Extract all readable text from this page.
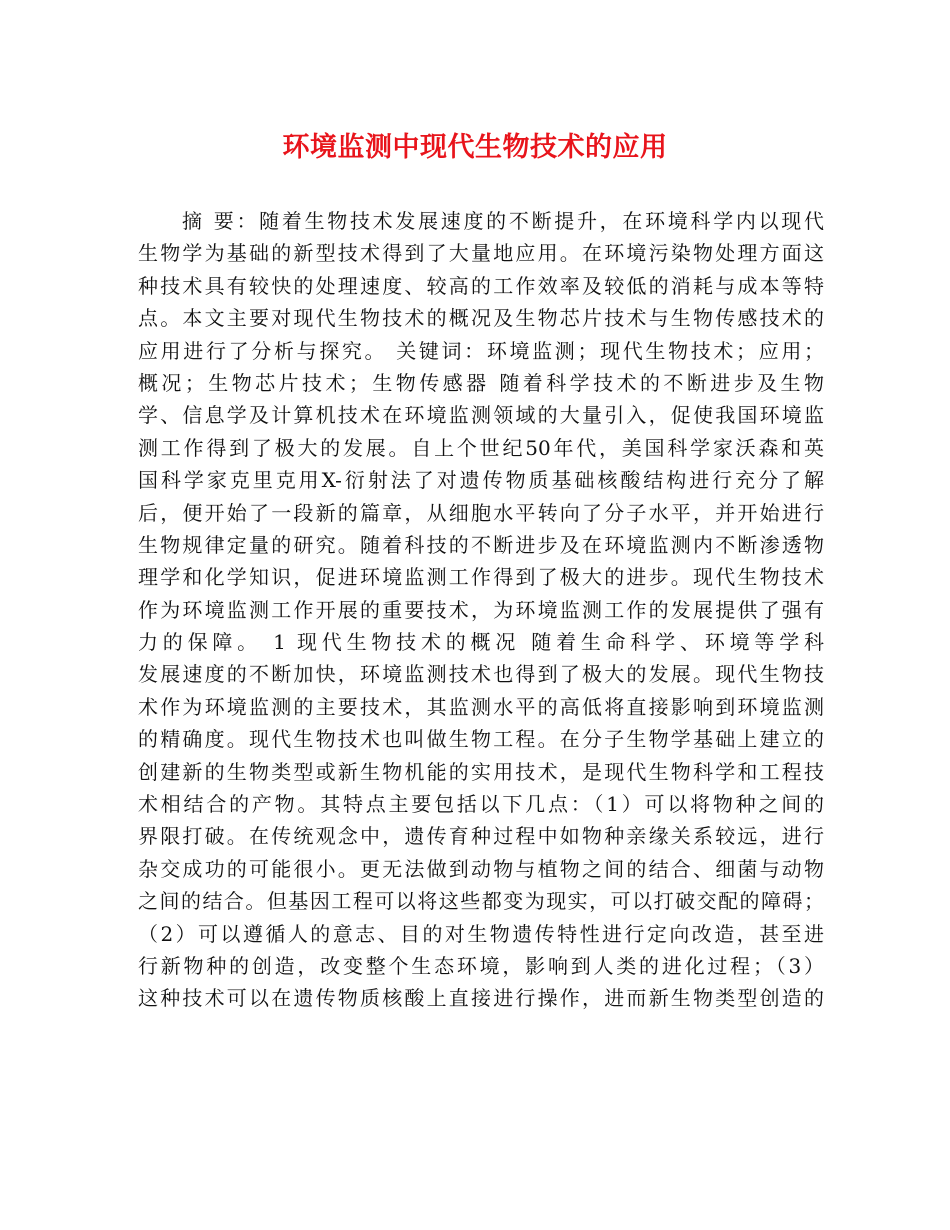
环境监测中现代生物技术的应用
摘 要：随着生物技术发展速度的不断提升，在环境科学内以现代
生物学为基础的新型技术得到了大量地应用。在环境污染物处理方面这
种技术具有较快的处理速度、较高的工作效率及较低的消耗与成本等特
点。本文主要对现代生物技术的概况及生物芯片技术与生物传感技术的
应用进行了分析与探究。 关键词：环境监测；现代生物技术；应用；
概况；生物芯片技术；生物传感器 随着科学技术的不断进步及生物
学、信息学及计算机技术在环境监测领域的大量引入，促使我国环境监
测工作得到了极大的发展。自上个世纪50年代，美国科学家沃森和英
国科学家克里克用X-衍射法了对遗传物质基础核酸结构进行充分了解
后，便开始了一段新的篇章，从细胞水平转向了分子水平，并开始进行
生物规律定量的研究。随着科技的不断进步及在环境监测内不断渗透物
理学和化学知识，促进环境监测工作得到了极大的进步。现代生物技术
作为环境监测工作开展的重要技术，为环境监测工作的发展提供了强有
力的保障。 1 现代生物技术的概况 随着生命科学、环境等学科
发展速度的不断加快，环境监测技术也得到了极大的发展。现代生物技
术作为环境监测的主要技术，其监测水平的高低将直接影响到环境监测
的精确度。现代生物技术也叫做生物工程。在分子生物学基础上建立的
创建新的生物类型或新生物机能的实用技术，是现代生物科学和工程技
术相结合的产物。其特点主要包括以下几点：（1）可以将物种之间的
界限打破。在传统观念中，遗传育种过程中如物种亲缘关系较远，进行
杂交成功的可能很小。更无法做到动物与植物之间的结合、细菌与动物
之间的结合。但基因工程可以将这些都变为现实，可以打破交配的障碍；
（2）可以遵循人的意志、目的对生物遗传特性进行定向改造，甚至进
行新物种的创造，改变整个生态环境，影响到人类的进化过程；（3）
这种技术可以在遗传物质核酸上直接进行操作，进而新生物类型创造的
